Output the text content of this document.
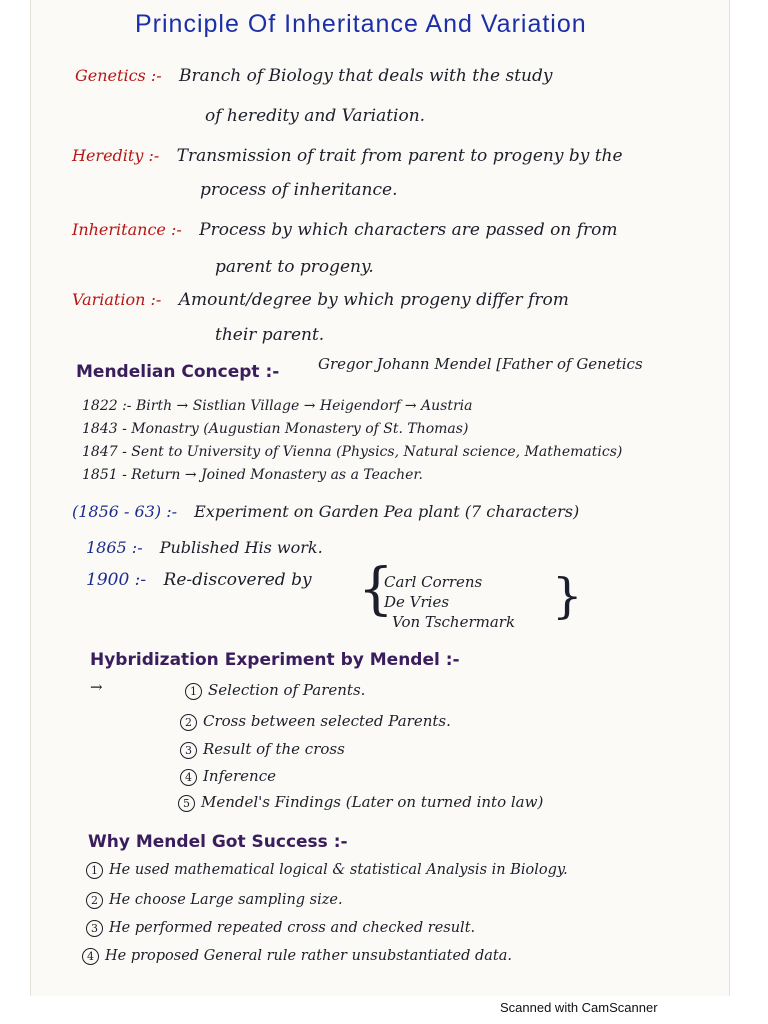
Principle Of Inheritance And Variation
Genetics :- Branch of Biology that deals with the study
of heredity and Variation.
Heredity :- Transmission of trait from parent to progeny by the
process of inheritance.
Inheritance :- Process by which characters are passed on from
parent to progeny.
Variation :- Amount/degree by which progeny differ from
their parent.
Mendelian Concept :-	Gregor Johann Mendel [Father of Genetics
1822 :- Birth → Sistlian Village → Heigendorf → Austria
1843 - Monastry (Augustian Monastery of St. Thomas)
1847 - Sent to University of Vienna (Physics, Natural science, Mathematics)
1851 - Return → Joined Monastery as a Teacher.
(1856 - 63) :- Experiment on Garden Pea plant (7 characters)
1865 :- Published His work.
1900 :- Re-discovered by {
Carl Correns
De Vries
Von Tschermark }
Hybridization Experiment by Mendel :-
→	1 Selection of Parents.
2 Cross between selected Parents.
3 Result of the cross
4 Inference
5 Mendel's Findings (Later on turned into law)
Why Mendel Got Success :-
1 He used mathematical logical & statistical Analysis in Biology.
2 He choose Large sampling size.
3 He performed repeated cross and checked result.
4 He proposed General rule rather unsubstantiated data.
Scanned with CamScanner
